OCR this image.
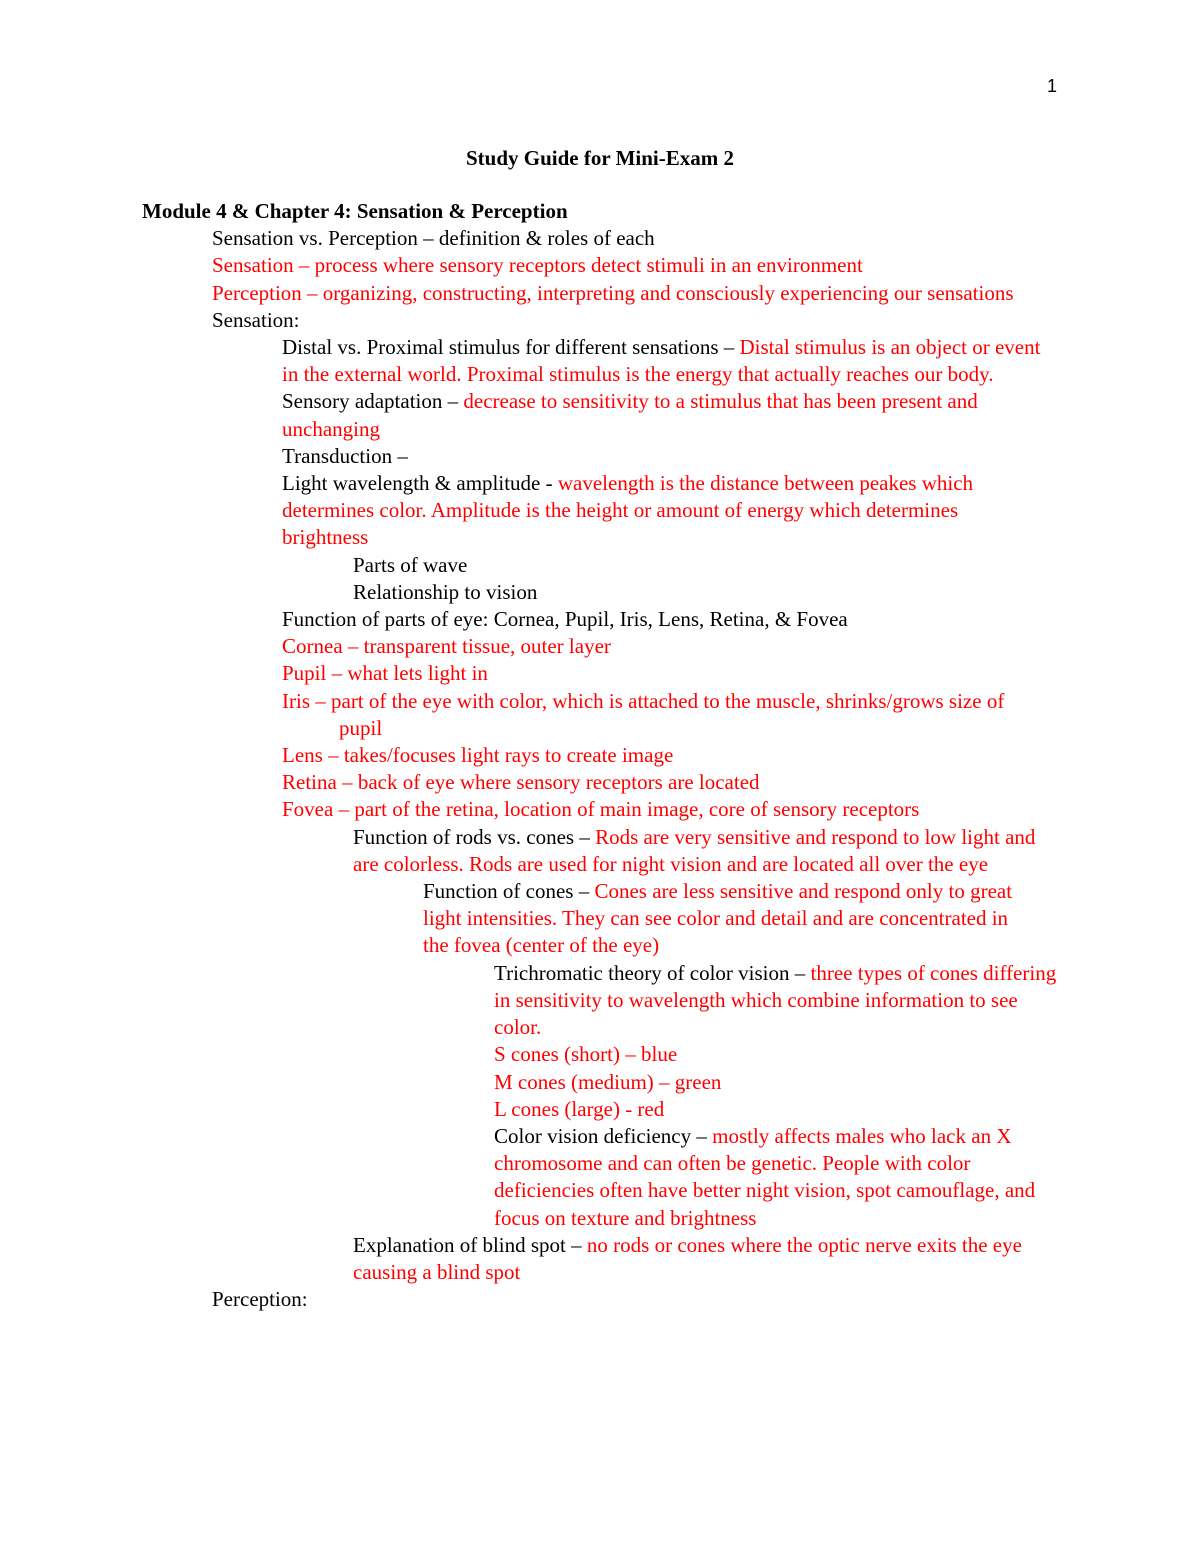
1
Study Guide for Mini-Exam 2
Module 4 & Chapter 4: Sensation & Perception
Sensation vs. Perception – definition & roles of each
Sensation – process where sensory receptors detect stimuli in an environment
Perception – organizing, constructing, interpreting and consciously experiencing our sensations
Sensation:
Distal vs. Proximal stimulus for different sensations – Distal stimulus is an object or event in the external world. Proximal stimulus is the energy that actually reaches our body.
Sensory adaptation – decrease to sensitivity to a stimulus that has been present and unchanging
Transduction –
Light wavelength & amplitude - wavelength is the distance between peakes which determines color. Amplitude is the height or amount of energy which determines brightness
Parts of wave
Relationship to vision
Function of parts of eye: Cornea, Pupil, Iris, Lens, Retina, & Fovea
Cornea – transparent tissue, outer layer
Pupil – what lets light in
Iris – part of the eye with color, which is attached to the muscle, shrinks/grows size of pupil
Lens – takes/focuses light rays to create image
Retina – back of eye where sensory receptors are located
Fovea – part of the retina, location of main image, core of sensory receptors
Function of rods vs. cones – Rods are very sensitive and respond to low light and are colorless. Rods are used for night vision and are located all over the eye
Function of cones – Cones are less sensitive and respond only to great light intensities. They can see color and detail and are concentrated in the fovea (center of the eye)
Trichromatic theory of color vision – three types of cones differing in sensitivity to wavelength which combine information to see color.
S cones (short) – blue
M cones (medium) – green
L cones (large) - red
Color vision deficiency – mostly affects males who lack an X chromosome and can often be genetic. People with color deficiencies often have better night vision, spot camouflage, and focus on texture and brightness
Explanation of blind spot – no rods or cones where the optic nerve exits the eye causing a blind spot
Perception:
